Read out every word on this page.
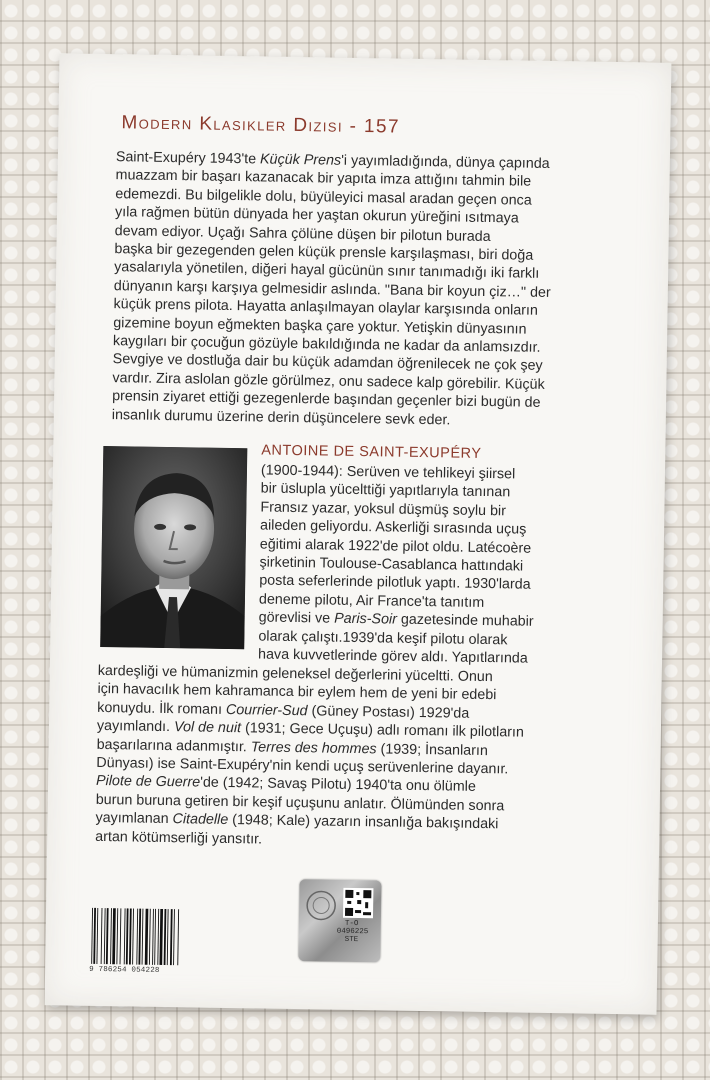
Modern Klasikler Dizisi - 157

Saint-Exupéry 1943'te Küçük Prens'i yayımladığında, dünya çapında
muazzam bir başarı kazanacak bir yapıta imza attığını tahmin bile
edemezdi. Bu bilgelikle dolu, büyüleyici masal aradan geçen onca
yıla rağmen bütün dünyada her yaştan okurun yüreğini ısıtmaya
devam ediyor. Uçağı Sahra çölüne düşen bir pilotun burada
başka bir gezegenden gelen küçük prensle karşılaşması, biri doğa
yasalarıyla yönetilen, diğeri hayal gücünün sınır tanımadığı iki farklı
dünyanın karşı karşıya gelmesidir aslında. "Bana bir koyun çiz…" der
küçük prens pilota. Hayatta anlaşılmayan olaylar karşısında onların
gizemine boyun eğmekten başka çare yoktur. Yetişkin dünyasının
kaygıları bir çocuğun gözüyle bakıldığında ne kadar da anlamsızdır.
Sevgiye ve dostluğa dair bu küçük adamdan öğrenilecek ne çok şey
vardır. Zira aslolan gözle görülmez, onu sadece kalp görebilir. Küçük
prensin ziyaret ettiği gezegenlerde başından geçenler bizi bugün de
insanlık durumu üzerine derin düşüncelere sevk eder.

ANTOINE DE SAINT-EXUPÉRY

(1900-1944): Serüven ve tehlikeyi şiirsel
bir üslupla yücelttiği yapıtlarıyla tanınan
Fransız yazar, yoksul düşmüş soylu bir
aileden geliyordu. Askerliği sırasında uçuş
eğitimi alarak 1922'de pilot oldu. Latécoère
şirketinin Toulouse-Casablanca hattındaki
posta seferlerinde pilotluk yaptı. 1930'larda
deneme pilotu, Air France'ta tanıtım
görevlisi ve Paris-Soir gazetesinde muhabir
olarak çalıştı.1939'da keşif pilotu olarak
hava kuvvetlerinde görev aldı. Yapıtlarında

kardeşliği ve hümanizmin geleneksel değerlerini yüceltti. Onun
için havacılık hem kahramanca bir eylem hem de yeni bir edebi
konuydu. İlk romanı Courrier-Sud (Güney Postası) 1929'da
yayımlandı. Vol de nuit (1931; Gece Uçuşu) adlı romanı ilk pilotların
başarılarına adanmıştır. Terres des hommes (1939; İnsanların
Dünyası) ise Saint-Exupéry'nin kendi uçuş serüvenlerine dayanır.
Pilote de Guerre'de (1942; Savaş Pilotu) 1940'ta onu ölümle
burun buruna getiren bir keşif uçuşunu anlatır. Ölümünden sonra
yayımlanan Citadelle (1948; Kale) yazarın insanlığa bakışındaki
artan kötümserliği yansıtır.

9 786254 054228
T-O
0496225
STE
